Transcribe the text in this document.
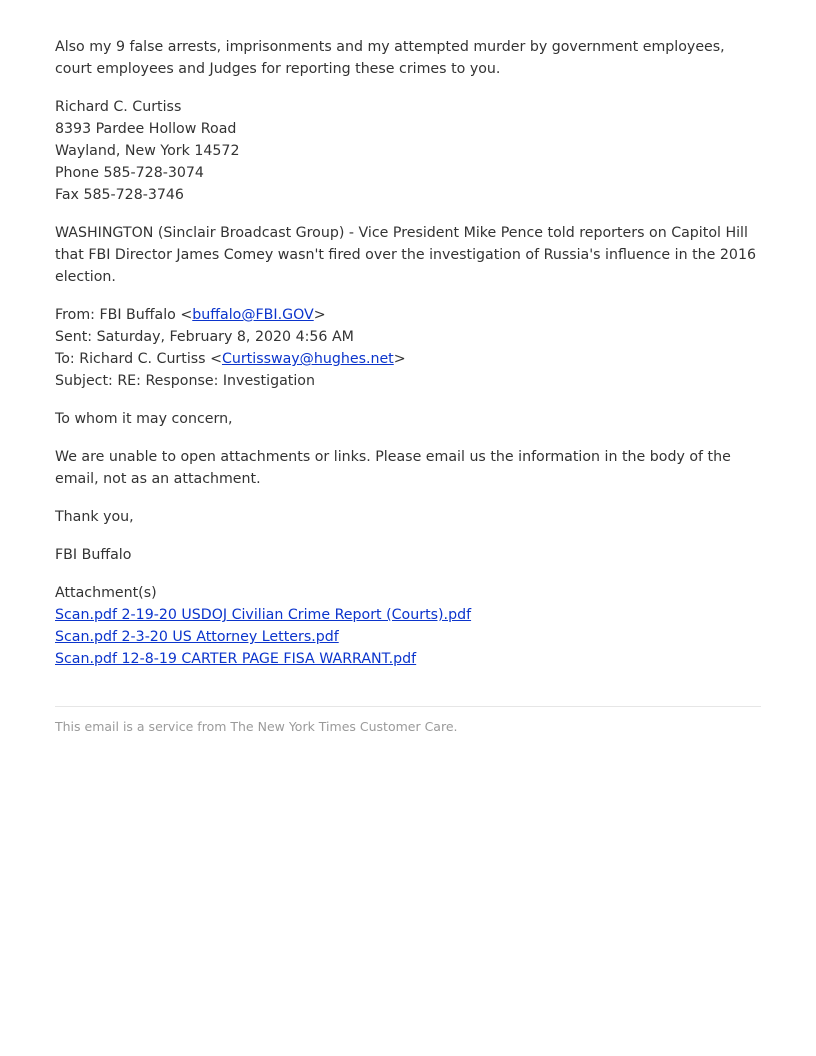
Also my 9 false arrests, imprisonments and my attempted murder by government employees, court employees and Judges for reporting these crimes to you.

Richard C. Curtiss
8393 Pardee Hollow Road
Wayland, New York 14572
Phone 585-728-3074
Fax 585-728-3746

WASHINGTON (Sinclair Broadcast Group) - Vice President Mike Pence told reporters on Capitol Hill that FBI Director James Comey wasn't fired over the investigation of Russia's influence in the 2016 election.

From: FBI Buffalo <buffalo@FBI.GOV>
Sent: Saturday, February 8, 2020 4:56 AM
To: Richard C. Curtiss <Curtissway@hughes.net>
Subject: RE: Response: Investigation

To whom it may concern,

We are unable to open attachments or links. Please email us the information in the body of the email, not as an attachment.

Thank you,

FBI Buffalo

Attachment(s)
Scan.pdf 2-19-20 USDOJ Civilian Crime Report (Courts).pdf
Scan.pdf 2-3-20 US Attorney Letters.pdf
Scan.pdf 12-8-19 CARTER PAGE FISA WARRANT.pdf

This email is a service from The New York Times Customer Care.
